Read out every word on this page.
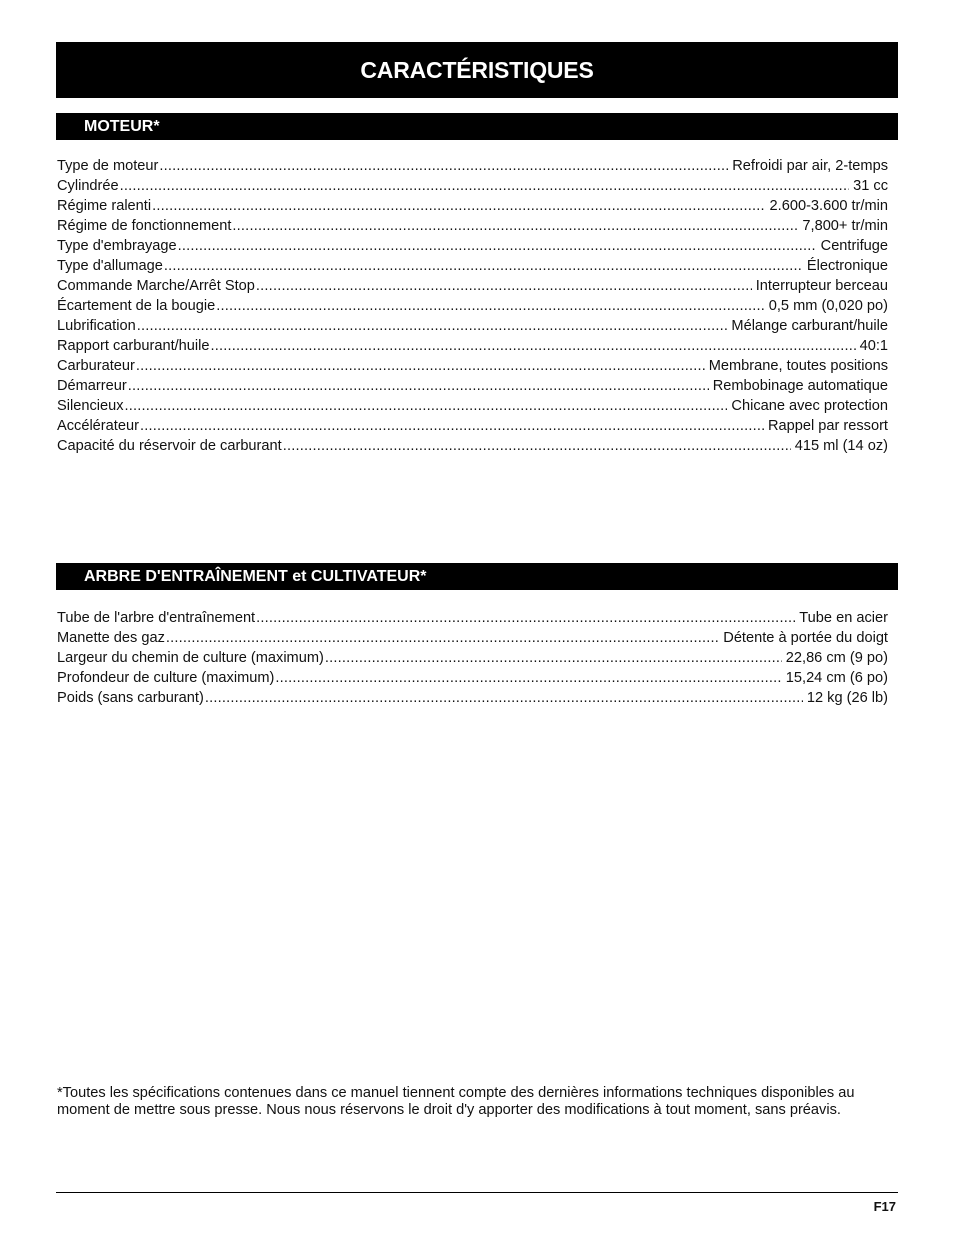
CARACTÉRISTIQUES
MOTEUR*
Type de moteur .....	Refroidi par air, 2-temps
Cylindrée .....	31 cc
Régime ralenti .....	2.600-3.600 tr/min
Régime de fonctionnement .....	7,800+ tr/min
Type d'embrayage .....	Centrifuge
Type d'allumage .....	Électronique
Commande Marche/Arrêt Stop .....	Interrupteur berceau
Écartement de la bougie .....	0,5 mm (0,020 po)
Lubrification .....	Mélange carburant/huile
Rapport carburant/huile .....	40:1
Carburateur .....	Membrane, toutes positions
Démarreur .....	Rembobinage automatique
Silencieux .....	Chicane avec protection
Accélérateur .....	Rappel par ressort
Capacité du réservoir de carburant .....	415 ml (14 oz)
ARBRE D'ENTRAÎNEMENT et CULTIVATEUR*
Tube de l'arbre d'entraînement .....	Tube en acier
Manette des gaz .....	Détente à portée du doigt
Largeur du chemin de culture (maximum) .....	22,86 cm (9 po)
Profondeur de culture (maximum) .....	15,24 cm (6 po)
Poids (sans carburant) .....	12 kg (26 lb)

*Toutes les spécifications contenues dans ce manuel tiennent compte des dernières informations techniques disponibles au moment de mettre sous presse. Nous nous réservons le droit d'y apporter des modifications à tout moment, sans préavis.

F17
